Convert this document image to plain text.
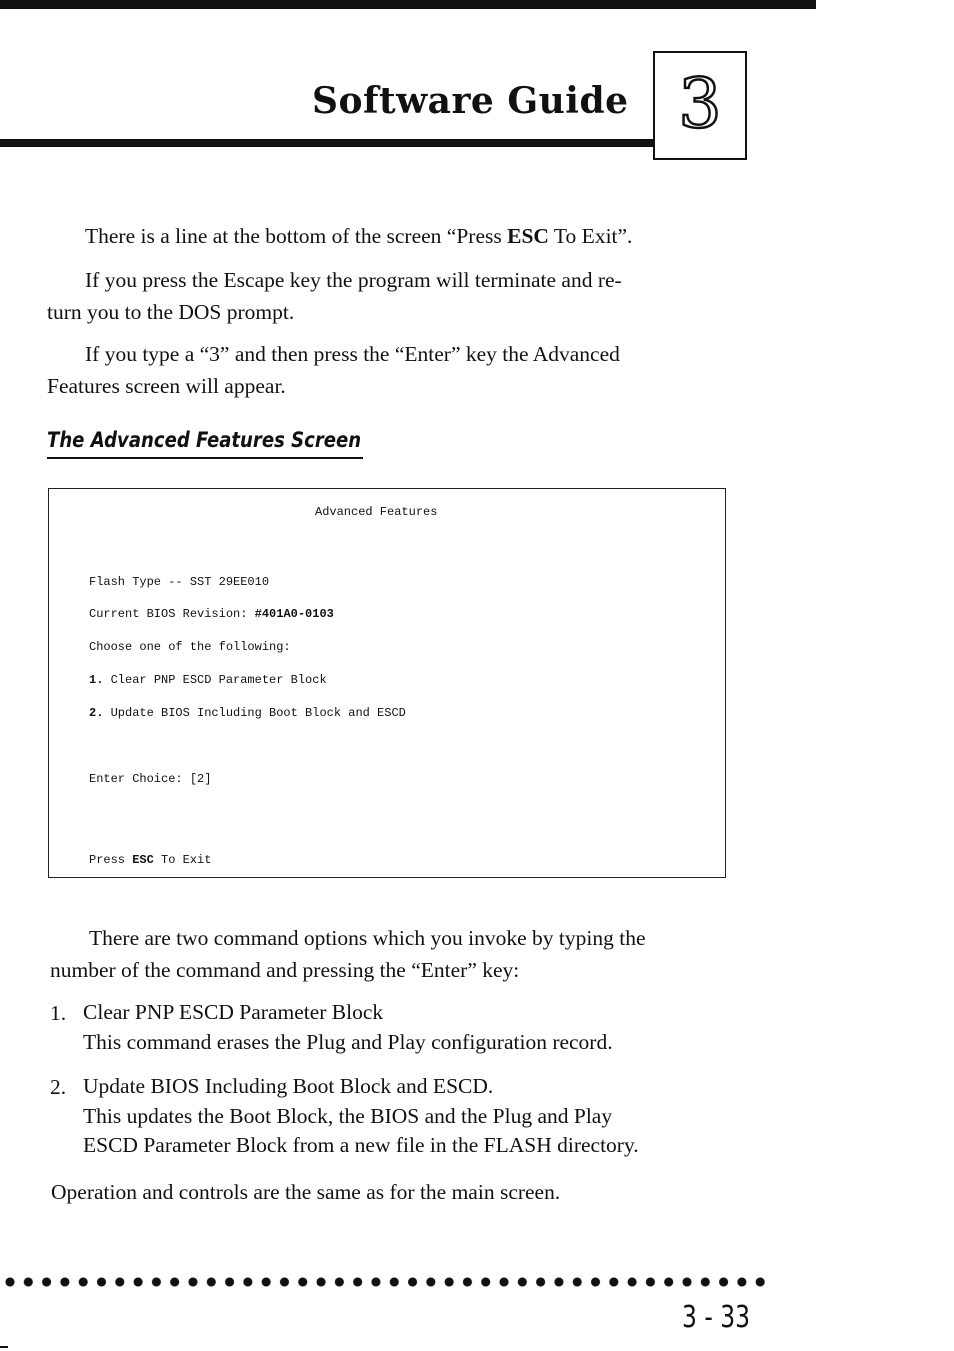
Software Guide 3

There is a line at the bottom of the screen “Press ESC To Exit”.

If you press the Escape key the program will terminate and re-

turn you to the DOS prompt.

If you type a “3” and then press the “Enter” key the Advanced

Features screen will appear.

The Advanced Features Screen

Advanced Features

Flash Type -- SST 29EE010

Current BIOS Revision: #401A0-0103

Choose one of the following:

1. Clear PNP ESCD Parameter Block

2. Update BIOS Including Boot Block and ESCD

Enter Choice: [2]

Press ESC To Exit

There are two command options which you invoke by typing the

number of the command and pressing the “Enter” key:

1. Clear PNP ESCD Parameter Block

This command erases the Plug and Play configuration record.

2. Update BIOS Including Boot Block and ESCD.

This updates the Boot Block, the BIOS and the Plug and Play

ESCD Parameter Block from a new file in the FLASH directory.

Operation and controls are the same as for the main screen.

3 - 33
